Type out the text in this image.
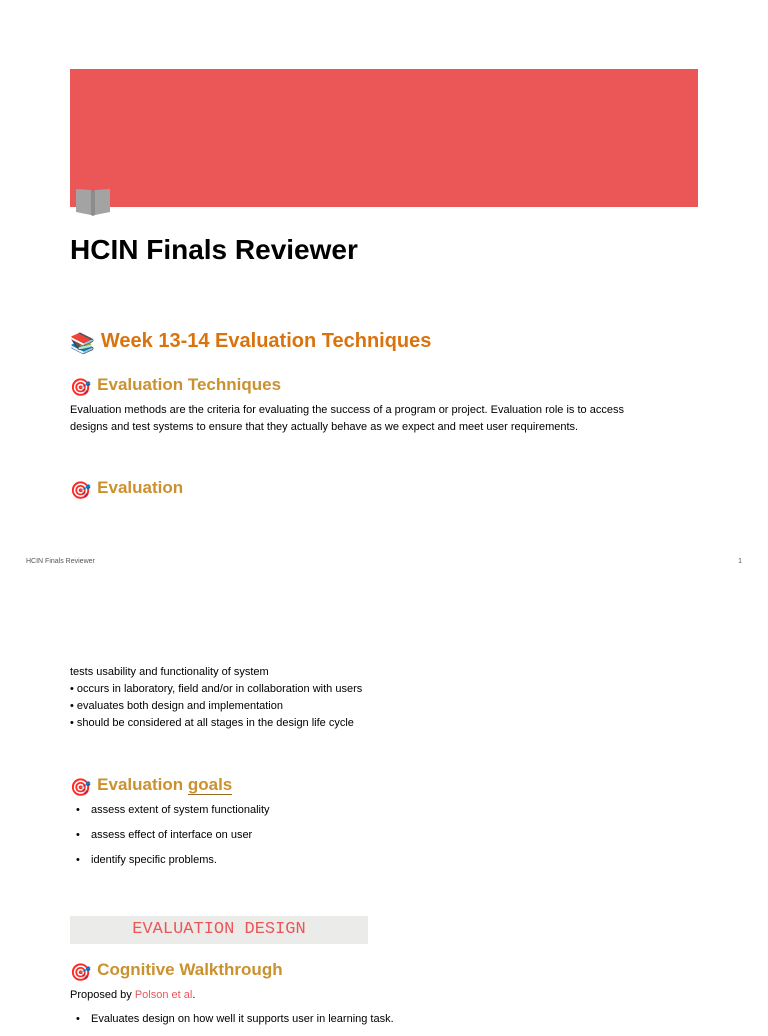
HCIN Finals Reviewer
📚 Week 13-14 Evaluation Techniques
🎯 Evaluation Techniques
Evaluation methods are the criteria for evaluating the success of a program or project. Evaluation role is to access
designs and test systems to ensure that they actually behave as we expect and meet user requirements.
🎯 Evaluation
HCIN Finals Reviewer	1
tests usability and functionality of system
• occurs in laboratory, field and/or in collaboration with users
• evaluates both design and implementation
• should be considered at all stages in the design life cycle
🎯 Evaluation goals
• assess extent of system functionality
• assess effect of interface on user
• identify specific problems.
EVALUATION DESIGN
🎯 Cognitive Walkthrough
Proposed by Polson et al.
• Evaluates design on how well it supports user in learning task.
